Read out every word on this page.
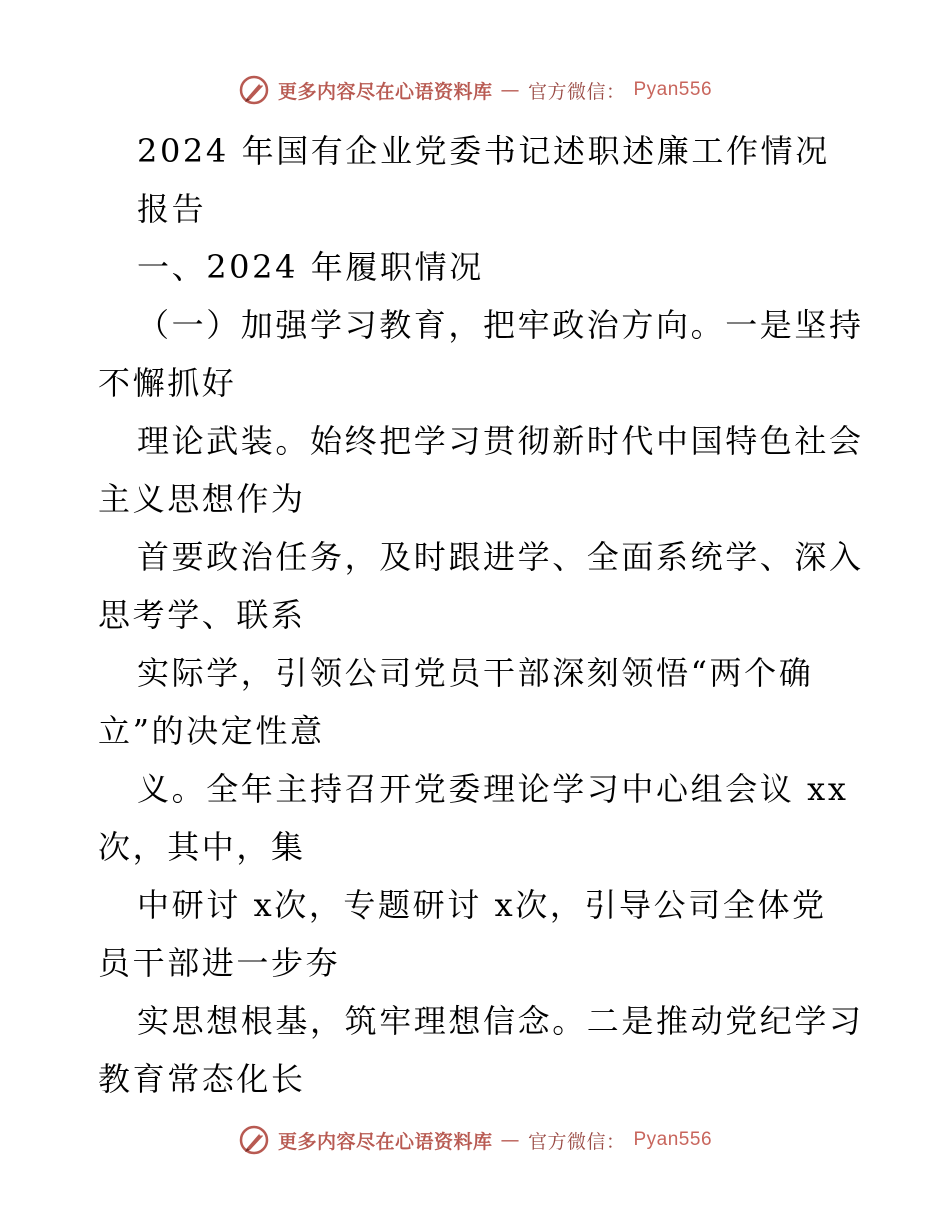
更多内容尽在心语资料库 — 官方微信： Pyan556
2024 年国有企业党委书记述职述廉工作情况
报告
一、2024 年履职情况
（一）加强学习教育，把牢政治方向。一是坚持
不懈抓好
理论武装。始终把学习贯彻新时代中国特色社会
主义思想作为
首要政治任务，及时跟进学、全面系统学、深入
思考学、联系
实际学，引领公司党员干部深刻领悟“两个确
立”的决定性意
义。全年主持召开党委理论学习中心组会议 xx
次，其中，集
中研讨 x次，专题研讨 x次，引导公司全体党
员干部进一步夯
实思想根基，筑牢理想信念。二是推动党纪学习
教育常态化长
更多内容尽在心语资料库 — 官方微信： Pyan556
